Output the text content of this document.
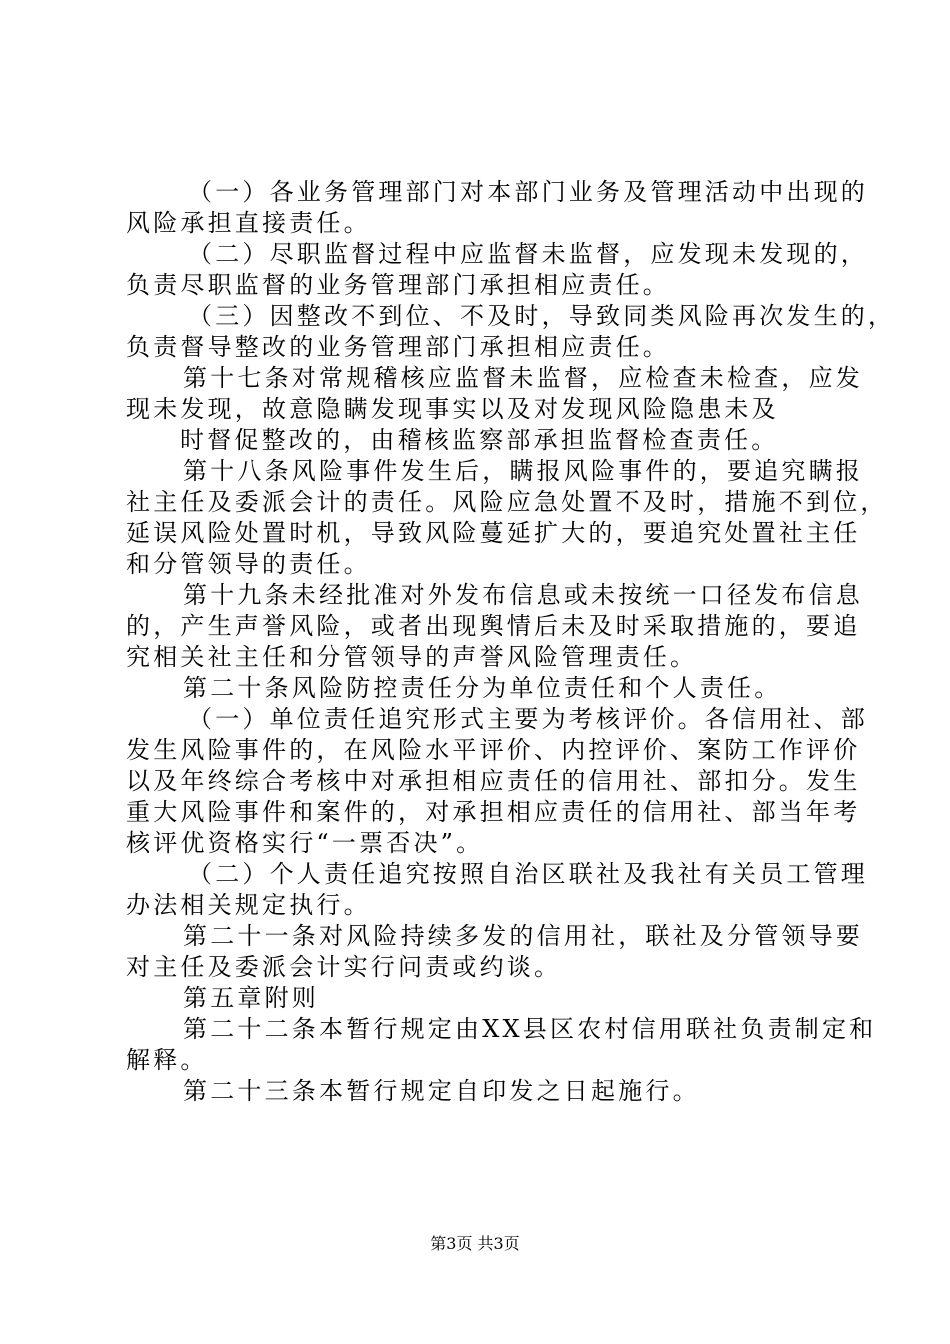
（一）各业务管理部门对本部门业务及管理活动中出现的
风险承担直接责任。
（二）尽职监督过程中应监督未监督，应发现未发现的，
负责尽职监督的业务管理部门承担相应责任。
（三）因整改不到位、不及时，导致同类风险再次发生的，
负责督导整改的业务管理部门承担相应责任。
第十七条对常规稽核应监督未监督，应检查未检查，应发
现未发现，故意隐瞒发现事实以及对发现风险隐患未及
时督促整改的，由稽核监察部承担监督检查责任。
第十八条风险事件发生后，瞒报风险事件的，要追究瞒报
社主任及委派会计的责任。风险应急处置不及时，措施不到位，
延误风险处置时机，导致风险蔓延扩大的，要追究处置社主任
和分管领导的责任。
第十九条未经批准对外发布信息或未按统一口径发布信息
的，产生声誉风险，或者出现舆情后未及时采取措施的，要追
究相关社主任和分管领导的声誉风险管理责任。
第二十条风险防控责任分为单位责任和个人责任。
（一）单位责任追究形式主要为考核评价。各信用社、部
发生风险事件的，在风险水平评价、内控评价、案防工作评价
以及年终综合考核中对承担相应责任的信用社、部扣分。发生
重大风险事件和案件的，对承担相应责任的信用社、部当年考
核评优资格实行“一票否决”。
（二）个人责任追究按照自治区联社及我社有关员工管理
办法相关规定执行。
第二十一条对风险持续多发的信用社，联社及分管领导要
对主任及委派会计实行问责或约谈。
第五章附则
第二十二条本暂行规定由XX县区农村信用联社负责制定和
解释。
第二十三条本暂行规定自印发之日起施行。
第3页 共3页
